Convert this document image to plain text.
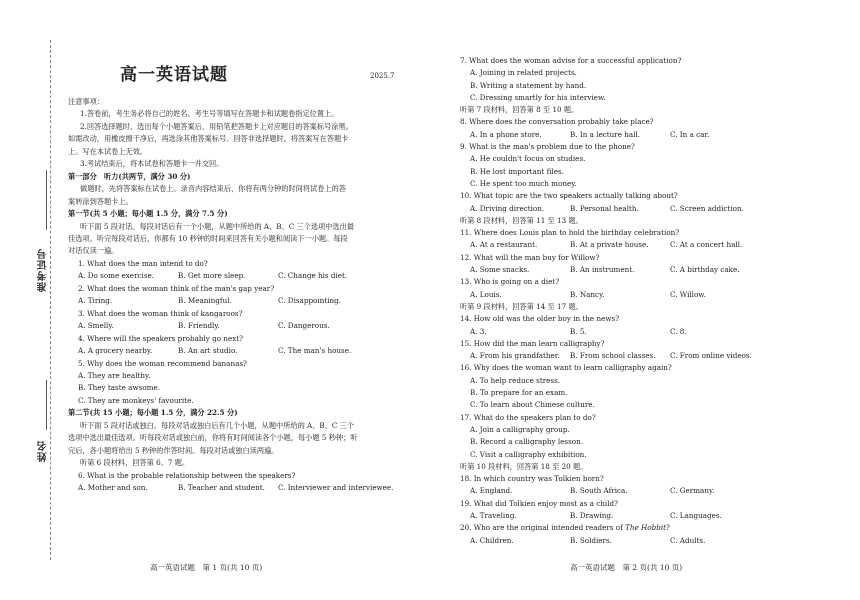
准考证号
姓名
高一英语试题	2025.7
注意事项：
1.答卷前，考生务必将自己的姓名、考生号等填写在答题卡和试题卷指定位置上。
2.回答选择题时，选出每个小题答案后，用铅笔把答题卡上对应题目的答案标号涂黑。
如需改动，用橡皮擦干净后，再选涂其他答案标号。回答非选择题时，将答案写在答题卡
上。写在本试卷上无效。
3.考试结束后，将本试卷和答题卡一并交回。
第一部分　听力(共两节，满分 30 分)
做题时，先将答案标在试卷上。录音内容结束后，你将有两分钟的时间将试卷上的答
案转涂到答题卡上。
第一节(共 5 小题；每小题 1.5 分，满分 7.5 分)
听下面 5 段对话。每段对话后有一个小题，从题中所给的 A、B、C 三个选项中选出最
佳选项。听完每段对话后，你都有 10 秒钟的时间来回答有关小题和阅读下一小题。每段
对话仅读一遍。
1. What does the man intend to do?
A. Do some exercise.	B. Get more sleep.	C. Change his diet.
2. What does the woman think of the man's gap year?
A. Tiring.	B. Meaningful.	C. Disappointing.
3. What does the woman think of kangaroos?
A. Smelly.	B. Friendly.	C. Dangerous.
4. Where will the speakers probably go next?
A. A grocery nearby.	B. An art studio.	C. The man's house.
5. Why does the woman recommend bananas?
A. They are healthy.
B. They taste awsome.
C. They are monkeys' favourite.
第二节(共 15 小题；每小题 1.5 分，满分 22.5 分)
听下面 5 段对话或独白。每段对话或独白后有几个小题，从题中所给的 A、B、C 三个
选项中选出最佳选项。听每段对话或独白前，你将有时间阅读各个小题，每小题 5 秒钟；听
完后，各小题将给出 5 秒钟的作答时间。每段对话或独白读两遍。
听第 6 段材料，回答第 6、7 题。
6. What is the probable relationship between the speakers?
A. Mother and son.	B. Teacher and student.	C. Interviewer and interviewee.
高一英语试题　第 1 页(共 10 页)
7. What does the woman advise for a successful application?
A. Joining in related projects.
B. Writing a statement by hand.
C. Dressing smartly for his interview.
听第 7 段材料，回答第 8 至 10 题。
8. Where does the conversation probably take place?
A. In a phone store.	B. In a lecture hall.	C. In a car.
9. What is the man's problem due to the phone?
A. He couldn't focus on studies.
B. He lost important files.
C. He spent too much money.
10. What topic are the two speakers actually talking about?
A. Driving direction.	B. Personal health.	C. Screen addiction.
听第 8 段材料，回答第 11 至 13 题。
11. Where does Louis plan to hold the birthday celebration?
A. At a restaurant.	B. At a private house.	C. At a concert hall.
12. What will the man buy for Willow?
A. Some snacks.	B. An instrument.	C. A birthday cake.
13. Who is going on a diet?
A. Louis.	B. Nancy.	C. Willow.
听第 9 段材料，回答第 14 至 17 题。
14. How old was the older boy in the news?
A. 3.	B. 5.	C. 8.
15. How did the man learn calligraphy?
A. From his grandfather.	B. From school classes.	C. From online videos.
16. Why does the woman want to learn calligraphy again?
A. To help reduce stress.
B. To prepare for an exam.
C. To learn about Chinese culture.
17. What do the speakers plan to do?
A. Join a calligraphy group.
B. Record a calligraphy lesson.
C. Visit a calligraphy exhibition.
听第 10 段材料，回答第 18 至 20 题。
18. In which country was Tolkien born?
A. England.	B. South Africa.	C. Germany.
19. What did Tolkien enjoy most as a child?
A. Traveling.	B. Drawing.	C. Languages.
20. Who are the original intended readers of The Hobbit?
A. Children.	B. Soldiers.	C. Adults.
高一英语试题　第 2 页(共 10 页)
